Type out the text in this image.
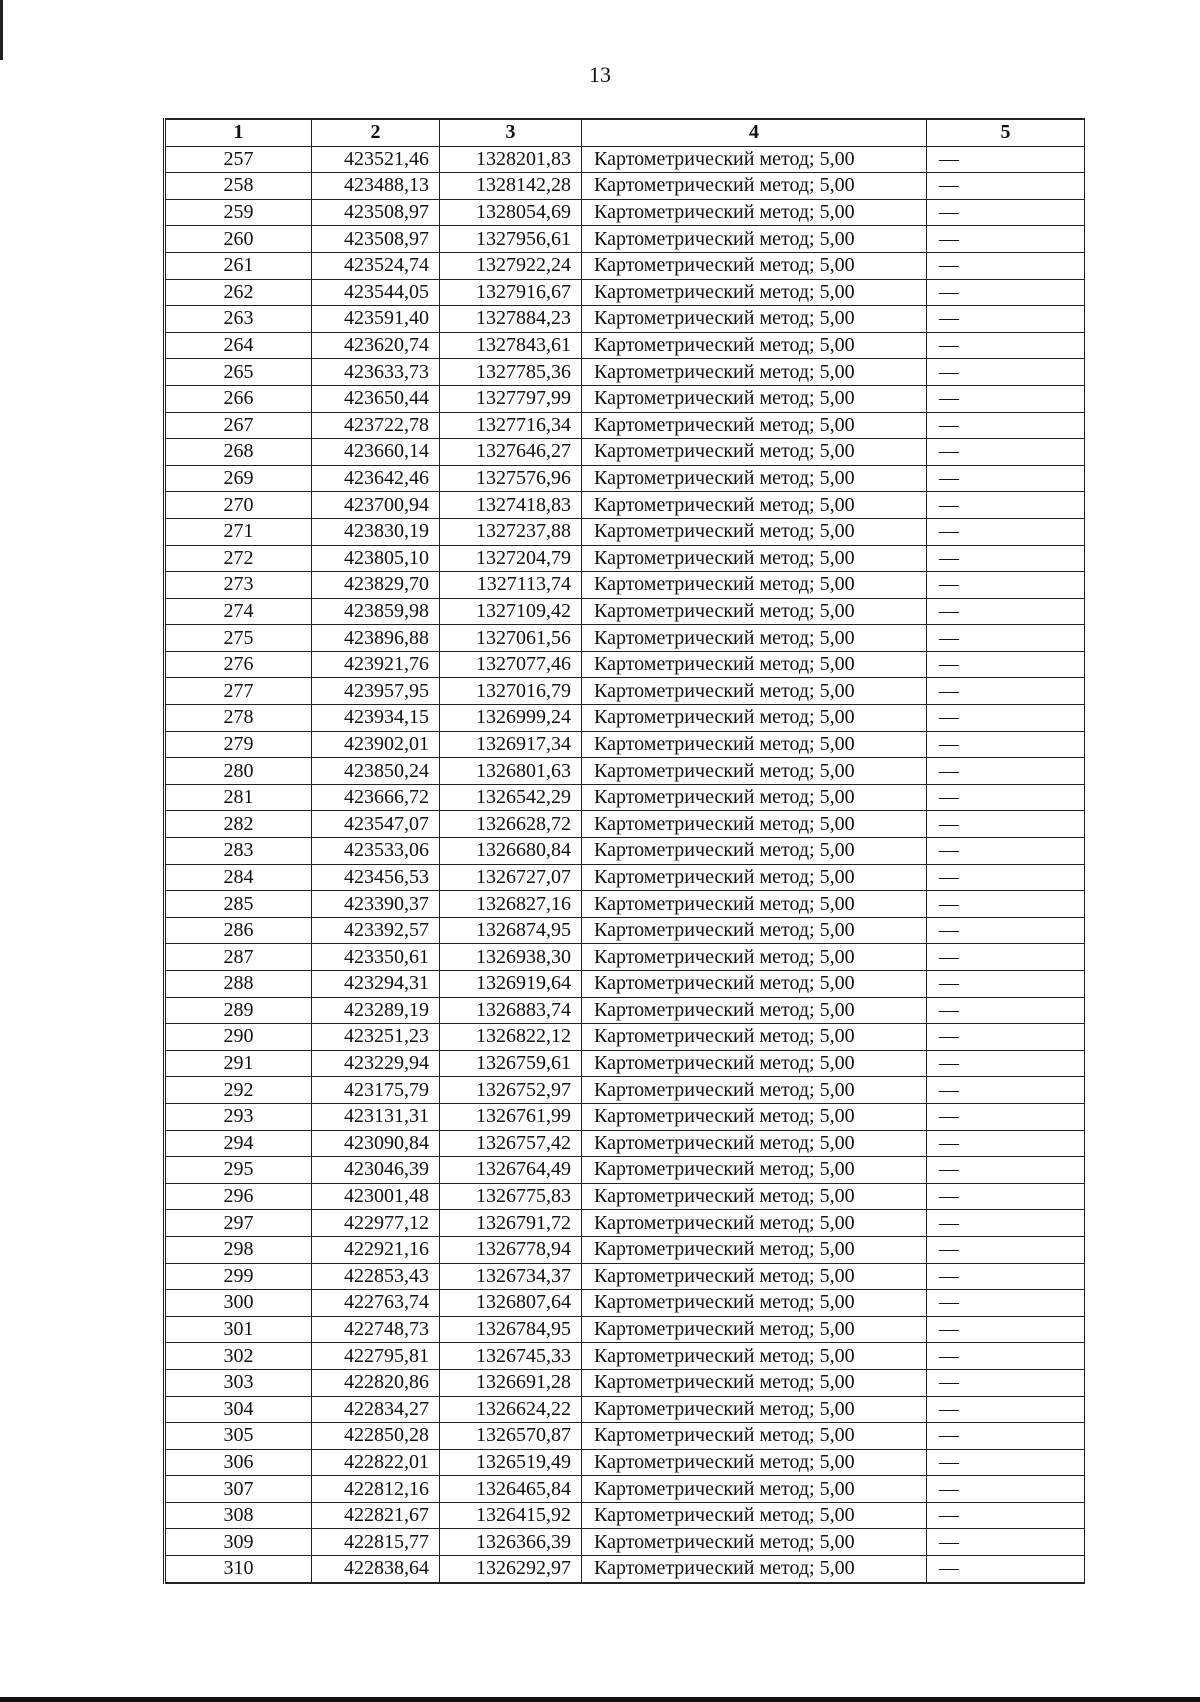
13
1	2	3	4	5
257	423521,46	1328201,83	Картометрический метод; 5,00	—
258	423488,13	1328142,28	Картометрический метод; 5,00	—
259	423508,97	1328054,69	Картометрический метод; 5,00	—
260	423508,97	1327956,61	Картометрический метод; 5,00	—
261	423524,74	1327922,24	Картометрический метод; 5,00	—
262	423544,05	1327916,67	Картометрический метод; 5,00	—
263	423591,40	1327884,23	Картометрический метод; 5,00	—
264	423620,74	1327843,61	Картометрический метод; 5,00	—
265	423633,73	1327785,36	Картометрический метод; 5,00	—
266	423650,44	1327797,99	Картометрический метод; 5,00	—
267	423722,78	1327716,34	Картометрический метод; 5,00	—
268	423660,14	1327646,27	Картометрический метод; 5,00	—
269	423642,46	1327576,96	Картометрический метод; 5,00	—
270	423700,94	1327418,83	Картометрический метод; 5,00	—
271	423830,19	1327237,88	Картометрический метод; 5,00	—
272	423805,10	1327204,79	Картометрический метод; 5,00	—
273	423829,70	1327113,74	Картометрический метод; 5,00	—
274	423859,98	1327109,42	Картометрический метод; 5,00	—
275	423896,88	1327061,56	Картометрический метод; 5,00	—
276	423921,76	1327077,46	Картометрический метод; 5,00	—
277	423957,95	1327016,79	Картометрический метод; 5,00	—
278	423934,15	1326999,24	Картометрический метод; 5,00	—
279	423902,01	1326917,34	Картометрический метод; 5,00	—
280	423850,24	1326801,63	Картометрический метод; 5,00	—
281	423666,72	1326542,29	Картометрический метод; 5,00	—
282	423547,07	1326628,72	Картометрический метод; 5,00	—
283	423533,06	1326680,84	Картометрический метод; 5,00	—
284	423456,53	1326727,07	Картометрический метод; 5,00	—
285	423390,37	1326827,16	Картометрический метод; 5,00	—
286	423392,57	1326874,95	Картометрический метод; 5,00	—
287	423350,61	1326938,30	Картометрический метод; 5,00	—
288	423294,31	1326919,64	Картометрический метод; 5,00	—
289	423289,19	1326883,74	Картометрический метод; 5,00	—
290	423251,23	1326822,12	Картометрический метод; 5,00	—
291	423229,94	1326759,61	Картометрический метод; 5,00	—
292	423175,79	1326752,97	Картометрический метод; 5,00	—
293	423131,31	1326761,99	Картометрический метод; 5,00	—
294	423090,84	1326757,42	Картометрический метод; 5,00	—
295	423046,39	1326764,49	Картометрический метод; 5,00	—
296	423001,48	1326775,83	Картометрический метод; 5,00	—
297	422977,12	1326791,72	Картометрический метод; 5,00	—
298	422921,16	1326778,94	Картометрический метод; 5,00	—
299	422853,43	1326734,37	Картометрический метод; 5,00	—
300	422763,74	1326807,64	Картометрический метод; 5,00	—
301	422748,73	1326784,95	Картометрический метод; 5,00	—
302	422795,81	1326745,33	Картометрический метод; 5,00	—
303	422820,86	1326691,28	Картометрический метод; 5,00	—
304	422834,27	1326624,22	Картометрический метод; 5,00	—
305	422850,28	1326570,87	Картометрический метод; 5,00	—
306	422822,01	1326519,49	Картометрический метод; 5,00	—
307	422812,16	1326465,84	Картометрический метод; 5,00	—
308	422821,67	1326415,92	Картометрический метод; 5,00	—
309	422815,77	1326366,39	Картометрический метод; 5,00	—
310	422838,64	1326292,97	Картометрический метод; 5,00	—
